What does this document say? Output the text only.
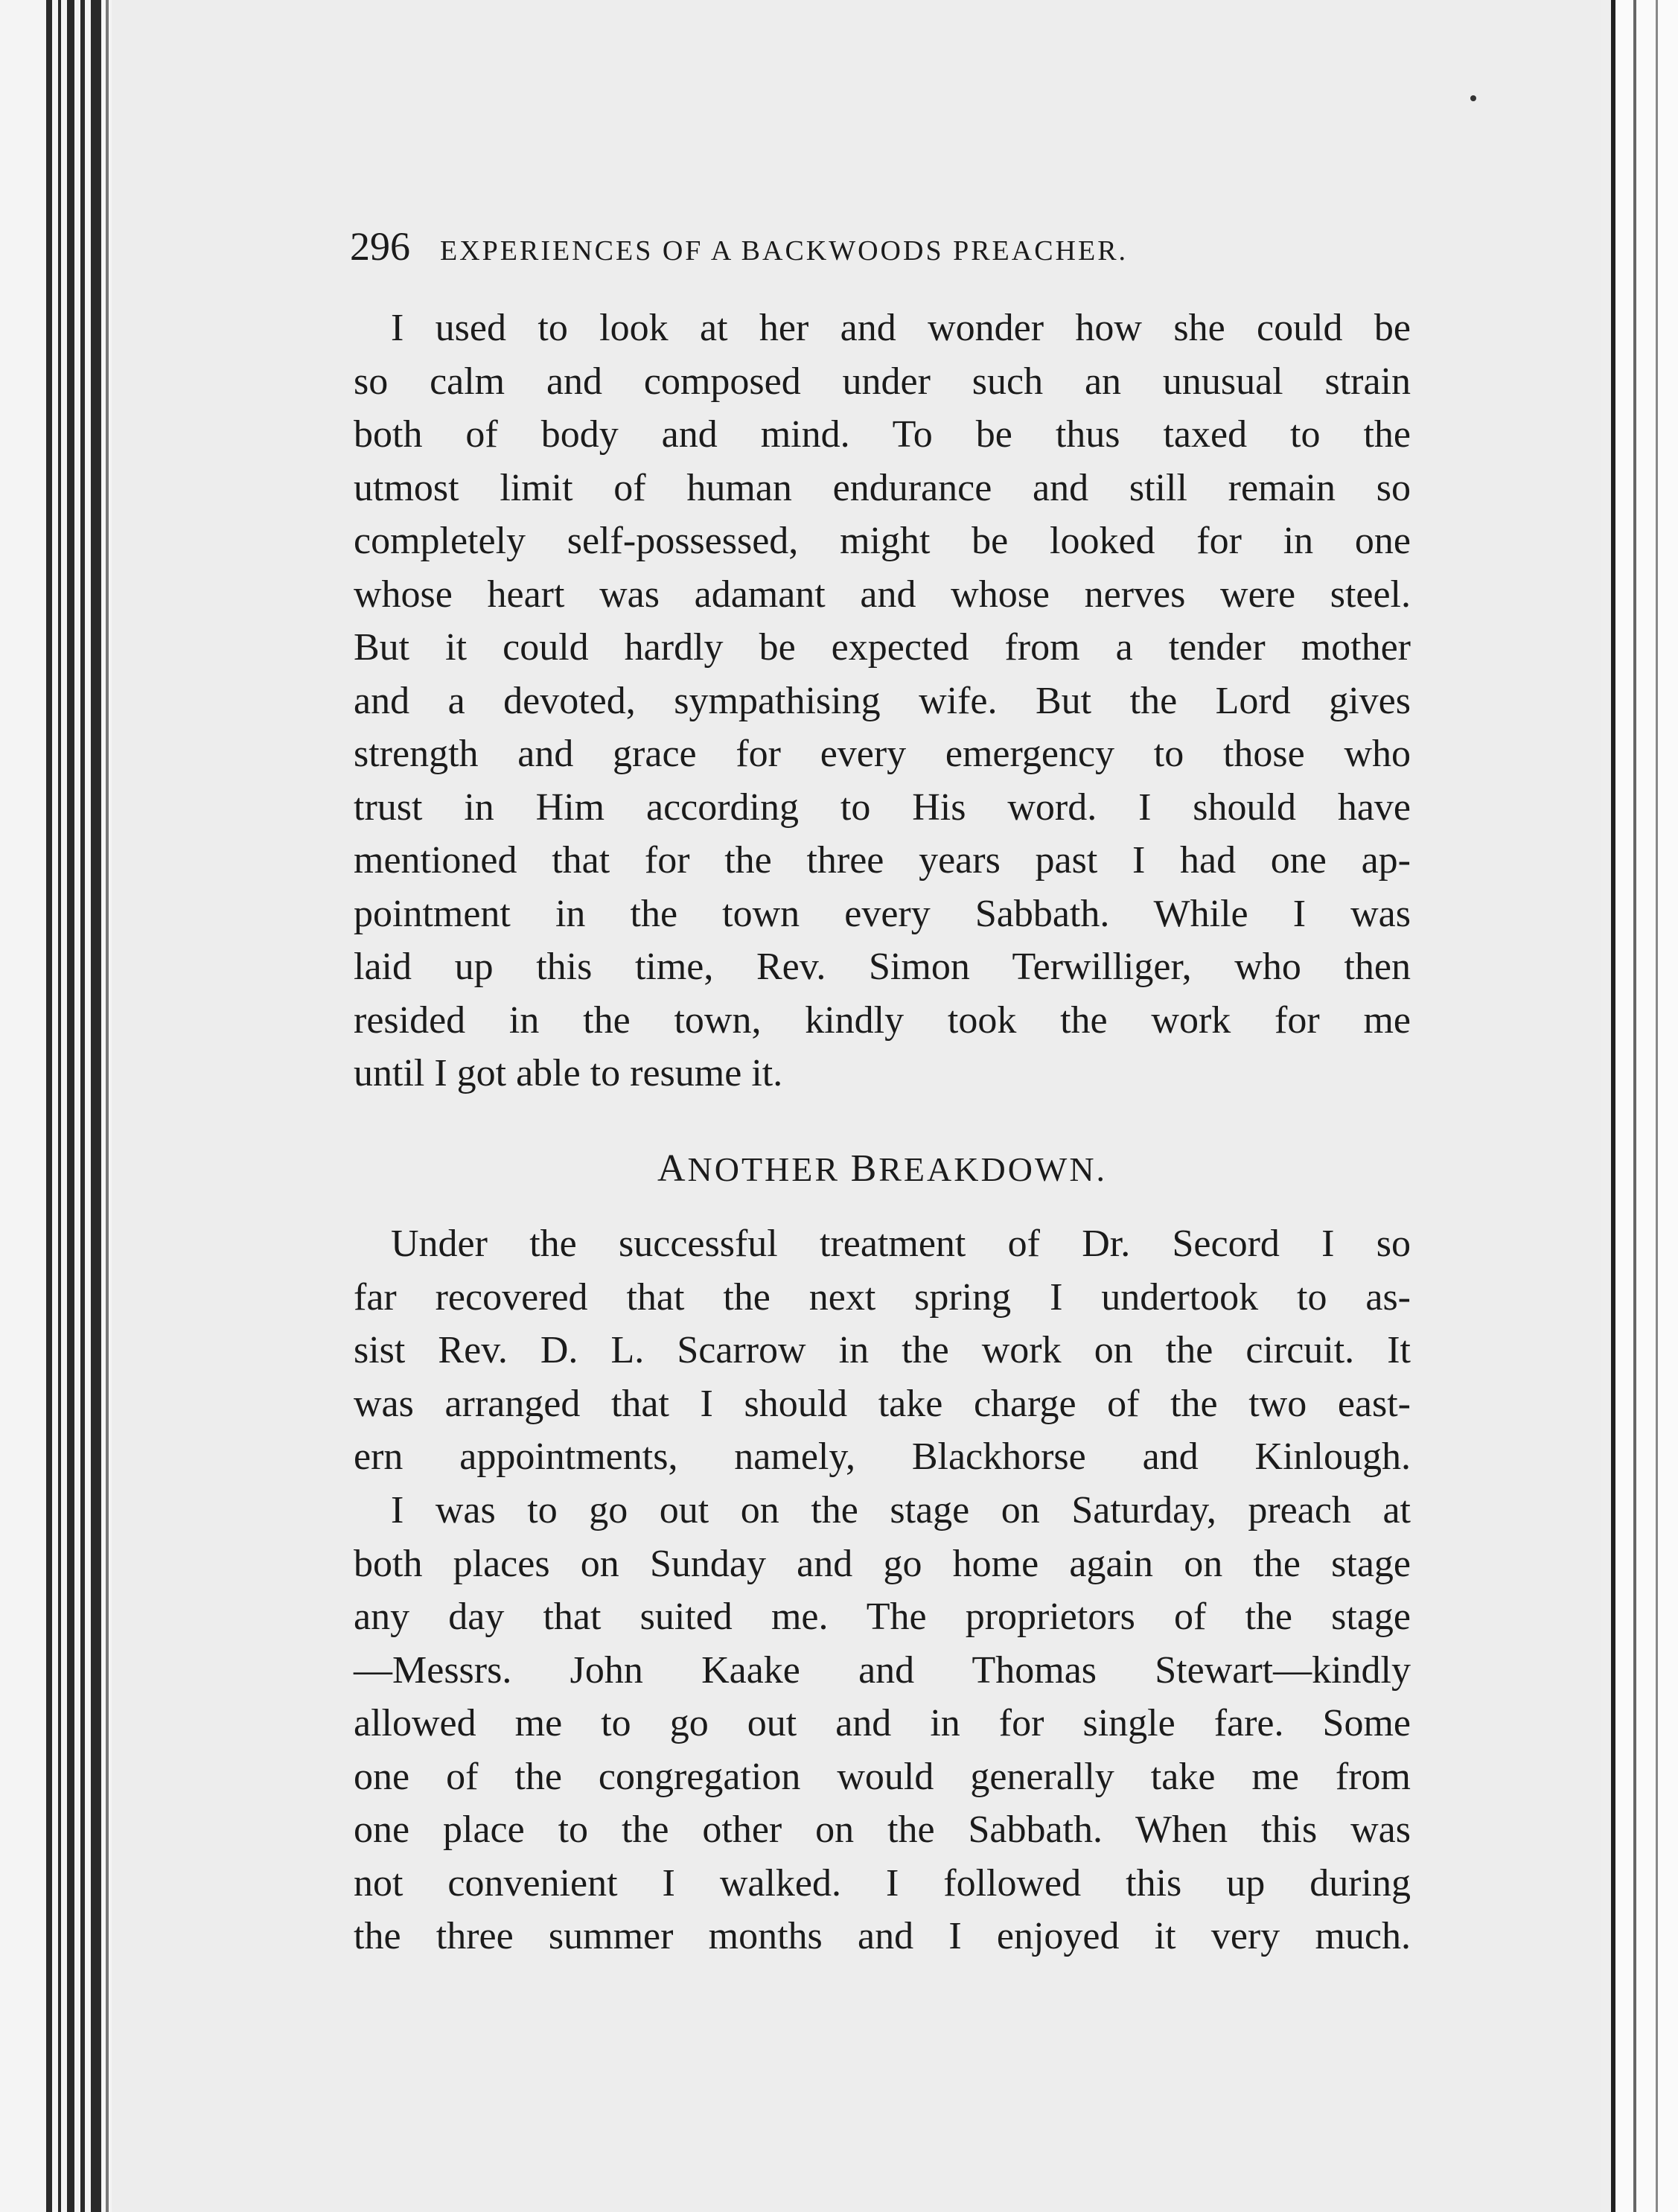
296 EXPERIENCES OF A BACKWOODS PREACHER.
I used to look at her and wonder how she could be
so calm and composed under such an unusual strain
both of body and mind. To be thus taxed to the
utmost limit of human endurance and still remain so
completely self-possessed, might be looked for in one
whose heart was adamant and whose nerves were steel.
But it could hardly be expected from a tender mother
and a devoted, sympathising wife. But the Lord gives
strength and grace for every emergency to those who
trust in Him according to His word. I should have
mentioned that for the three years past I had one ap-
pointment in the town every Sabbath. While I was
laid up this time, Rev. Simon Terwilliger, who then
resided in the town, kindly took the work for me
until I got able to resume it.
ANOTHER BREAKDOWN.
Under the successful treatment of Dr. Secord I so
far recovered that the next spring I undertook to as-
sist Rev. D. L. Scarrow in the work on the circuit. It
was arranged that I should take charge of the two east-
ern appointments, namely, Blackhorse and Kinlough.
I was to go out on the stage on Saturday, preach at
both places on Sunday and go home again on the stage
any day that suited me. The proprietors of the stage
—Messrs. John Kaake and Thomas Stewart—kindly
allowed me to go out and in for single fare. Some
one of the congregation would generally take me from
one place to the other on the Sabbath. When this was
not convenient I walked. I followed this up during
the three summer months and I enjoyed it very much.
